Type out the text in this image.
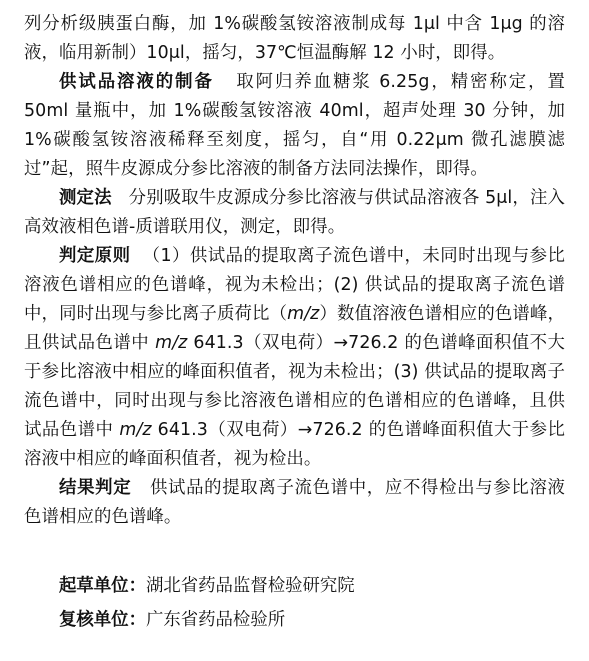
列分析级胰蛋白酶，加 1%碳酸氢铵溶液制成每 1μl 中含 1μg 的溶液，临用新制）10μl，摇匀，37℃恒温酶解 12 小时，即得。

供试品溶液的制备 取阿归养血糖浆 6.25g，精密称定，置 50ml 量瓶中，加 1%碳酸氢铵溶液 40ml，超声处理 30 分钟，加 1%碳酸氢铵溶液稀释至刻度，摇匀，自“用 0.22μm 微孔滤膜滤过”起，照牛皮源成分参比溶液的制备方法同法操作，即得。

测定法 分别吸取牛皮源成分参比溶液与供试品溶液各 5μl，注入高效液相色谱-质谱联用仪，测定，即得。

判定原则 （1）供试品的提取离子流色谱中，未同时出现与参比溶液色谱相应的色谱峰，视为未检出；(2) 供试品的提取离子流色谱中，同时出现与参比离子质荷比（m/z）数值溶液色谱相应的色谱峰，且供试品色谱中 m/z 641.3（双电荷）→726.2 的色谱峰面积值不大于参比溶液中相应的峰面积值者，视为未检出；(3) 供试品的提取离子流色谱中，同时出现与参比溶液色谱相应的色谱相应的色谱峰，且供试品色谱中 m/z 641.3（双电荷）→726.2 的色谱峰面积值大于参比溶液中相应的峰面积值者，视为检出。

结果判定 供试品的提取离子流色谱中，应不得检出与参比溶液色谱相应的色谱峰。

起草单位：湖北省药品监督检验研究院
复核单位：广东省药品检验所
